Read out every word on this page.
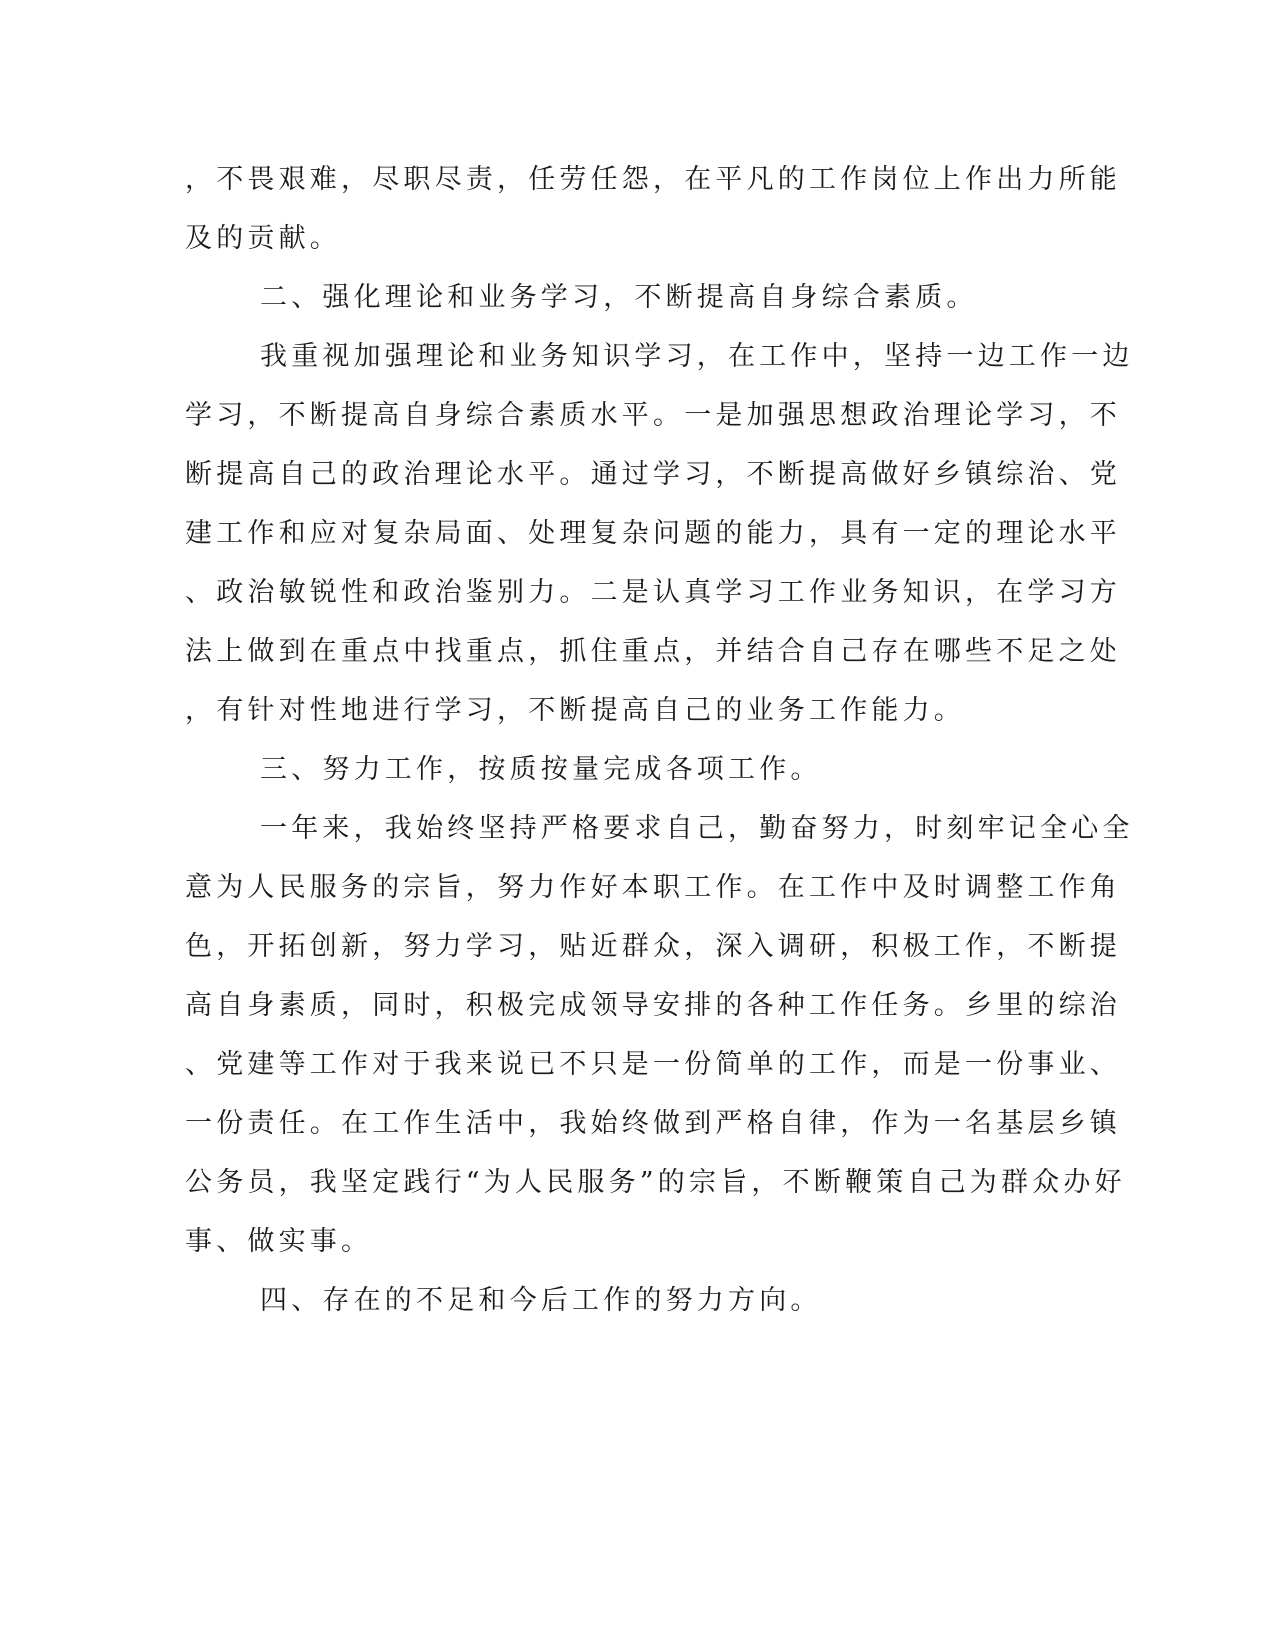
，不畏艰难，尽职尽责，任劳任怨，在平凡的工作岗位上作出力所能
及的贡献。
二、强化理论和业务学习，不断提高自身综合素质。
我重视加强理论和业务知识学习，在工作中，坚持一边工作一边
学习，不断提高自身综合素质水平。一是加强思想政治理论学习，不
断提高自己的政治理论水平。通过学习，不断提高做好乡镇综治、党
建工作和应对复杂局面、处理复杂问题的能力，具有一定的理论水平
、政治敏锐性和政治鉴别力。二是认真学习工作业务知识，在学习方
法上做到在重点中找重点，抓住重点，并结合自己存在哪些不足之处
，有针对性地进行学习，不断提高自己的业务工作能力。
三、努力工作，按质按量完成各项工作。
一年来，我始终坚持严格要求自己，勤奋努力，时刻牢记全心全
意为人民服务的宗旨，努力作好本职工作。在工作中及时调整工作角
色，开拓创新，努力学习，贴近群众，深入调研，积极工作，不断提
高自身素质，同时，积极完成领导安排的各种工作任务。乡里的综治
、党建等工作对于我来说已不只是一份简单的工作，而是一份事业、
一份责任。在工作生活中，我始终做到严格自律，作为一名基层乡镇
公务员，我坚定践行“为人民服务”的宗旨，不断鞭策自己为群众办好
事、做实事。
四、存在的不足和今后工作的努力方向。
